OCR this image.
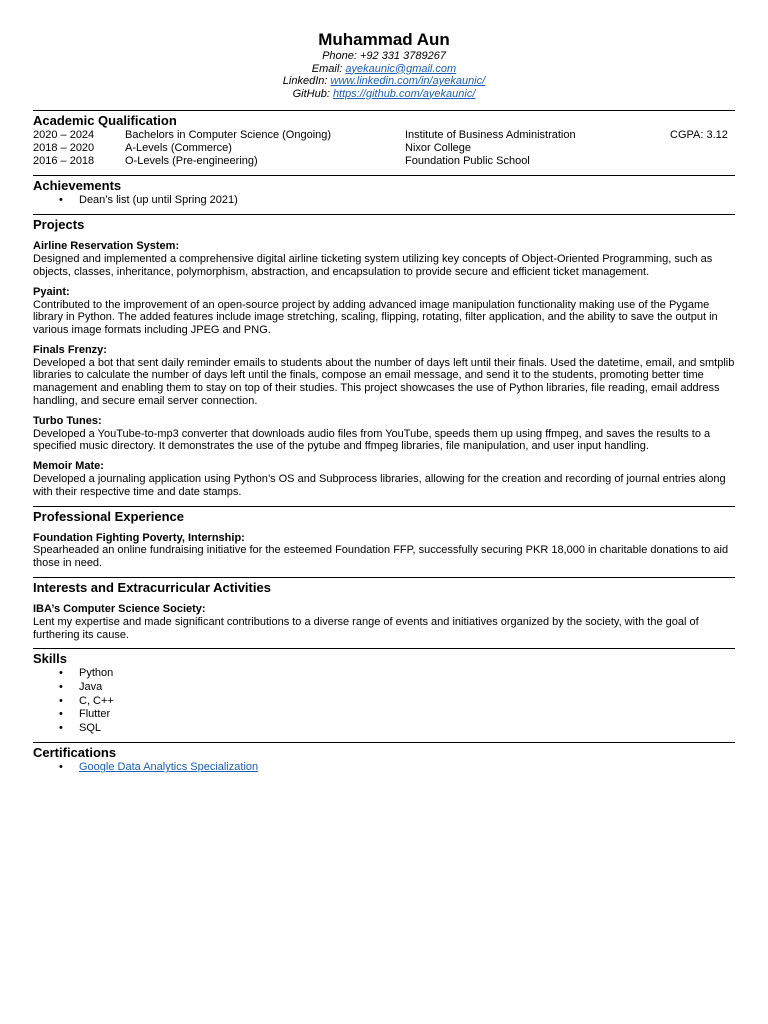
Muhammad Aun
Phone: +92 331 3789267
Email: ayekaunic@gmail.com
LinkedIn: www.linkedin.com/in/ayekaunic/
GitHub: https://github.com/ayekaunic/
Academic Qualification
2020 – 2024	Bachelors in Computer Science (Ongoing)	Institute of Business Administration	CGPA: 3.12
2018 – 2020	A-Levels (Commerce)	Nixor College
2016 – 2018	O-Levels (Pre-engineering)	Foundation Public School
Achievements
• Dean’s list (up until Spring 2021)
Projects
Airline Reservation System:
Designed and implemented a comprehensive digital airline ticketing system utilizing key concepts of Object-Oriented Programming, such as objects, classes, inheritance, polymorphism, abstraction, and encapsulation to provide secure and efficient ticket management.
Pyaint:
Contributed to the improvement of an open-source project by adding advanced image manipulation functionality making use of the Pygame library in Python. The added features include image stretching, scaling, flipping, rotating, filter application, and the ability to save the output in various image formats including JPEG and PNG.
Finals Frenzy:
Developed a bot that sent daily reminder emails to students about the number of days left until their finals. Used the datetime, email, and smtplib libraries to calculate the number of days left until the finals, compose an email message, and send it to the students, promoting better time management and enabling them to stay on top of their studies. This project showcases the use of Python libraries, file reading, email address handling, and secure email server connection.
Turbo Tunes:
Developed a YouTube-to-mp3 converter that downloads audio files from YouTube, speeds them up using ffmpeg, and saves the results to a specified music directory. It demonstrates the use of the pytube and ffmpeg libraries, file manipulation, and user input handling.
Memoir Mate:
Developed a journaling application using Python’s OS and Subprocess libraries, allowing for the creation and recording of journal entries along with their respective time and date stamps.
Professional Experience
Foundation Fighting Poverty, Internship:
Spearheaded an online fundraising initiative for the esteemed Foundation FFP, successfully securing PKR 18,000 in charitable donations to aid those in need.
Interests and Extracurricular Activities
IBA’s Computer Science Society:
Lent my expertise and made significant contributions to a diverse range of events and initiatives organized by the society, with the goal of furthering its cause.
Skills
• Python
• Java
• C, C++
• Flutter
• SQL
Certifications
• Google Data Analytics Specialization
